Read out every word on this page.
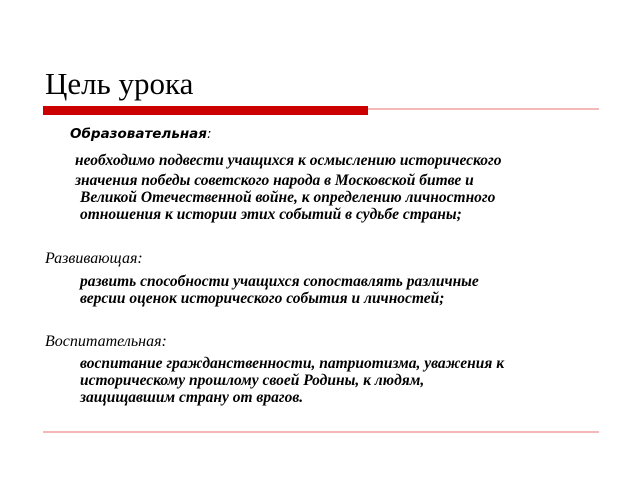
Цель урока
Образовательная:
необходимо подвести учащихся к осмыслению исторического
значения победы советского народа в Московской битве и
Великой Отечественной войне, к определению личностного
отношения к истории этих событий в судьбе страны;
Развивающая:
развить способности учащихся сопоставлять различные
версии оценок исторического события и личностей;
Воспитательная:
воспитание гражданственности, патриотизма, уважения к
историческому прошлому своей Родины, к людям,
защищавшим страну от врагов.
